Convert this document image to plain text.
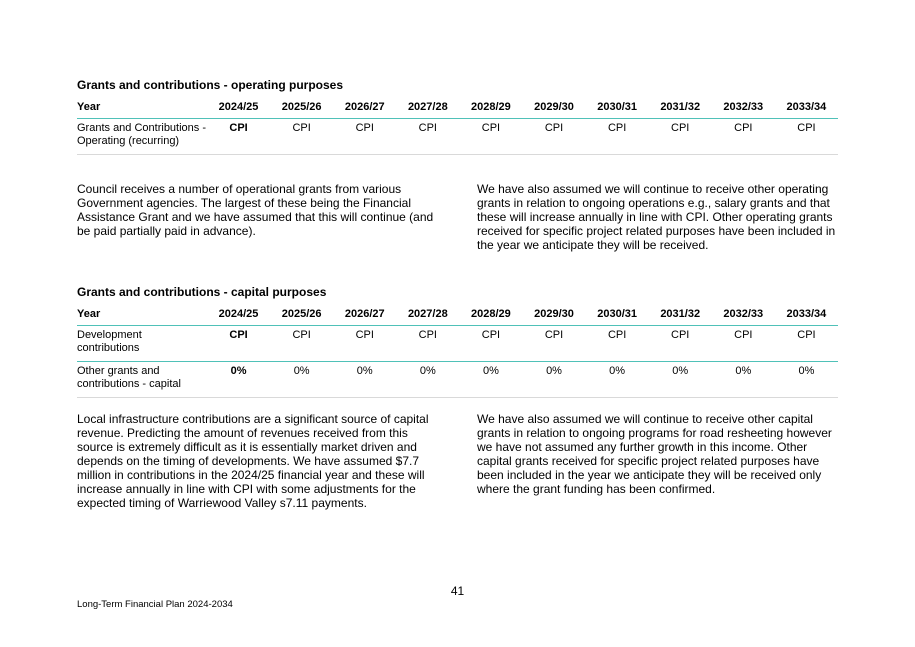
Grants and contributions - operating purposes
Year	2024/25	2025/26	2026/27	2027/28	2028/29	2029/30	2030/31	2031/32	2032/33	2033/34
Grants and Contributions - Operating (recurring)	CPI	CPI	CPI	CPI	CPI	CPI	CPI	CPI	CPI	CPI

Council receives a number of operational grants from various Government agencies. The largest of these being the Financial Assistance Grant and we have assumed that this will continue (and be paid partially paid in advance).

We have also assumed we will continue to receive other operating grants in relation to ongoing operations e.g., salary grants and that these will increase annually in line with CPI. Other operating grants received for specific project related purposes have been included in the year we anticipate they will be received.

Grants and contributions - capital purposes
Year	2024/25	2025/26	2026/27	2027/28	2028/29	2029/30	2030/31	2031/32	2032/33	2033/34
Development contributions	CPI	CPI	CPI	CPI	CPI	CPI	CPI	CPI	CPI	CPI
Other grants and contributions - capital	0%	0%	0%	0%	0%	0%	0%	0%	0%	0%

Local infrastructure contributions are a significant source of capital revenue. Predicting the amount of revenues received from this source is extremely difficult as it is essentially market driven and depends on the timing of developments. We have assumed $7.7 million in contributions in the 2024/25 financial year and these will increase annually in line with CPI with some adjustments for the expected timing of Warriewood Valley s7.11 payments.

We have also assumed we will continue to receive other capital grants in relation to ongoing programs for road resheeting however we have not assumed any further growth in this income. Other capital grants received for specific project related purposes have been included in the year we anticipate they will be received only where the grant funding has been confirmed.

41
Long-Term Financial Plan 2024-2034
